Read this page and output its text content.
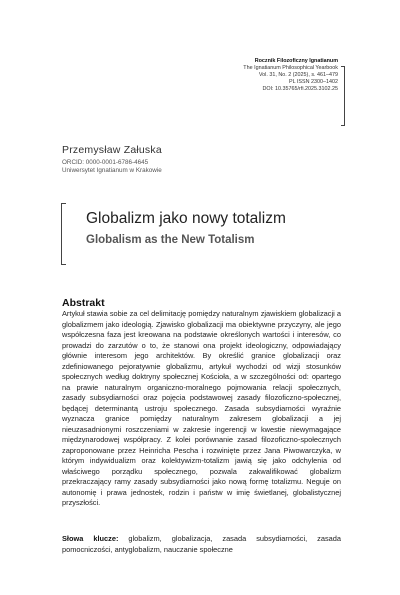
Rocznik Filozoficzny Ignatianum
The Ignatianum Philosophical Yearbook
Vol. 31, No. 2 (2025), s. 461–479
PL ISSN 2300–1402
DOI: 10.35765/rfi.2025.3102.25
Przemysław Załuska
ORCID: 0000-0001-6786-4645
Uniwersytet Ignatianum w Krakowie
Globalizm jako nowy totalizm
Globalism as the New Totalism
Abstrakt

Artykuł stawia sobie za cel delimitację pomiędzy naturalnym zjawiskiem globalizacji a globalizmem jako ideologią. Zjawisko globalizacji ma obiektywne przyczyny, ale jego współczesna faza jest kreowana na podstawie określonych wartości i interesów, co prowadzi do zarzutów o to, że stanowi ona projekt ideologiczny, odpowiadający głównie interesom jego architektów. By określić granice globalizacji oraz zdefiniowanego pejoratywnie globalizmu, artykuł wychodzi od wizji stosunków społecznych według doktryny społecznej Kościoła, a w szczególności od: opartego na prawie naturalnym organiczno-moralnego pojmowania relacji społecznych, zasady subsydiarności oraz pojęcia podstawowej zasady filozoficzno-społecznej, będącej determinantą ustroju społecznego. Zasada subsydiarności wyraźnie wyznacza granice pomiędzy naturalnym zakresem globalizacji a jej nieuzasadnionymi roszczeniami w zakresie ingerencji w kwestie niewymagające międzynarodowej współpracy. Z kolei porównanie zasad filozoficzno-społecznych zaproponowane przez Heinricha Pescha i rozwinięte przez Jana Piwowarczyka, w którym indywidualizm oraz kolektywizm-totalizm jawią się jako odchylenia od właściwego porządku społecznego, pozwala zakwalifikować globalizm przekraczający ramy zasady subsydiarności jako nową formę totalizmu. Neguje on autonomię i prawa jednostek, rodzin i państw w imię świetlanej, globalistycznej przyszłości.

Słowa klucze: globalizm, globalizacja, zasada subsydiarności, zasada pomocniczości, antyglobalizm, nauczanie społeczne
